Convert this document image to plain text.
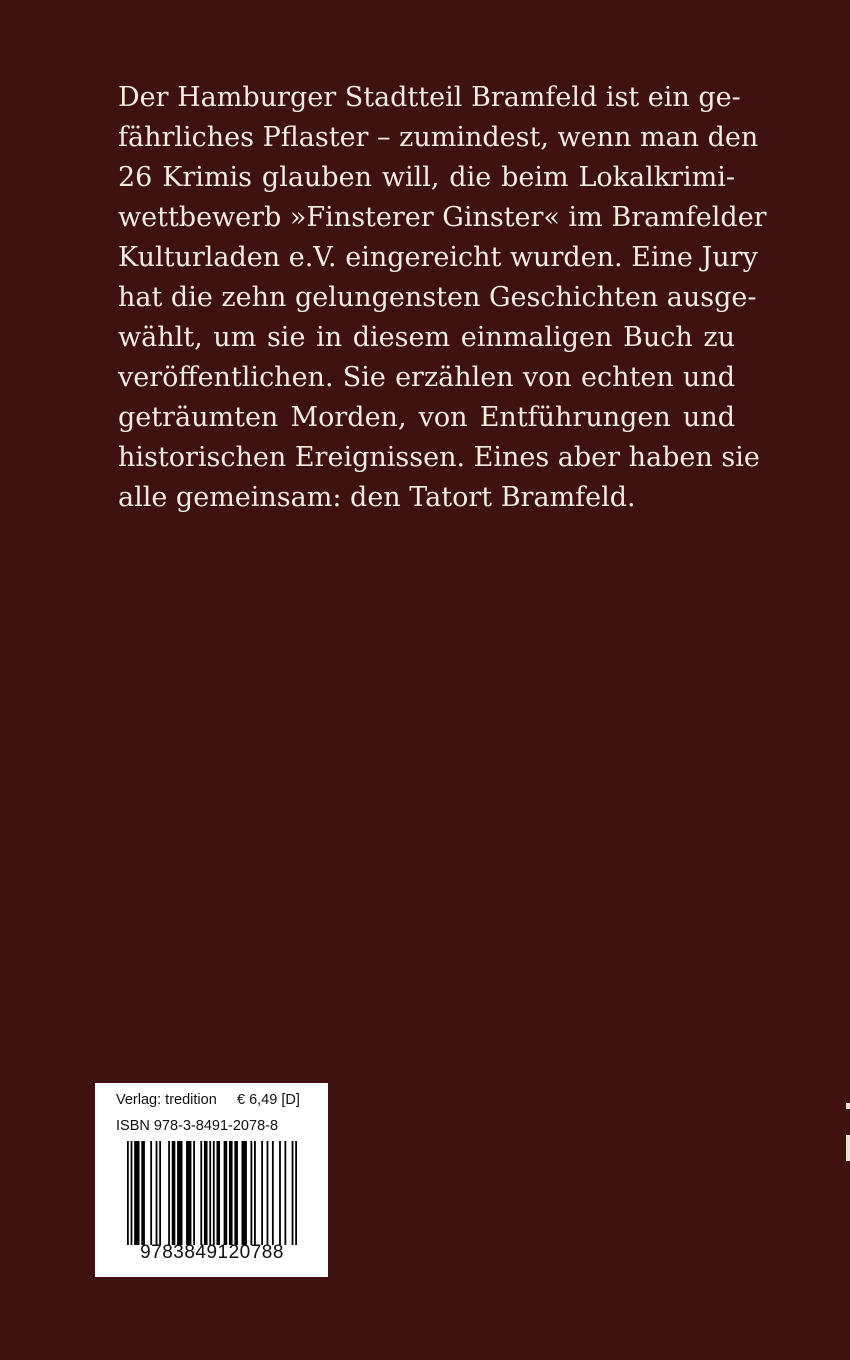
Der Hamburger Stadtteil Bramfeld ist ein ge-
fährliches Pflaster – zumindest, wenn man den
26 Krimis glauben will, die beim Lokalkrimi-
wettbewerb »Finsterer Ginster« im Bramfelder
Kulturladen e.V. eingereicht wurden. Eine Jury
hat die zehn gelungensten Geschichten ausge-
wählt, um sie in diesem einmaligen Buch zu
veröffentlichen. Sie erzählen von echten und
geträumten Morden, von Entführungen und
historischen Ereignissen. Eines aber haben sie
alle gemeinsam: den Tatort Bramfeld.
Verlag: tredition € 6,49 [D]
ISBN 978-3-8491-2078-8
9783849120788
